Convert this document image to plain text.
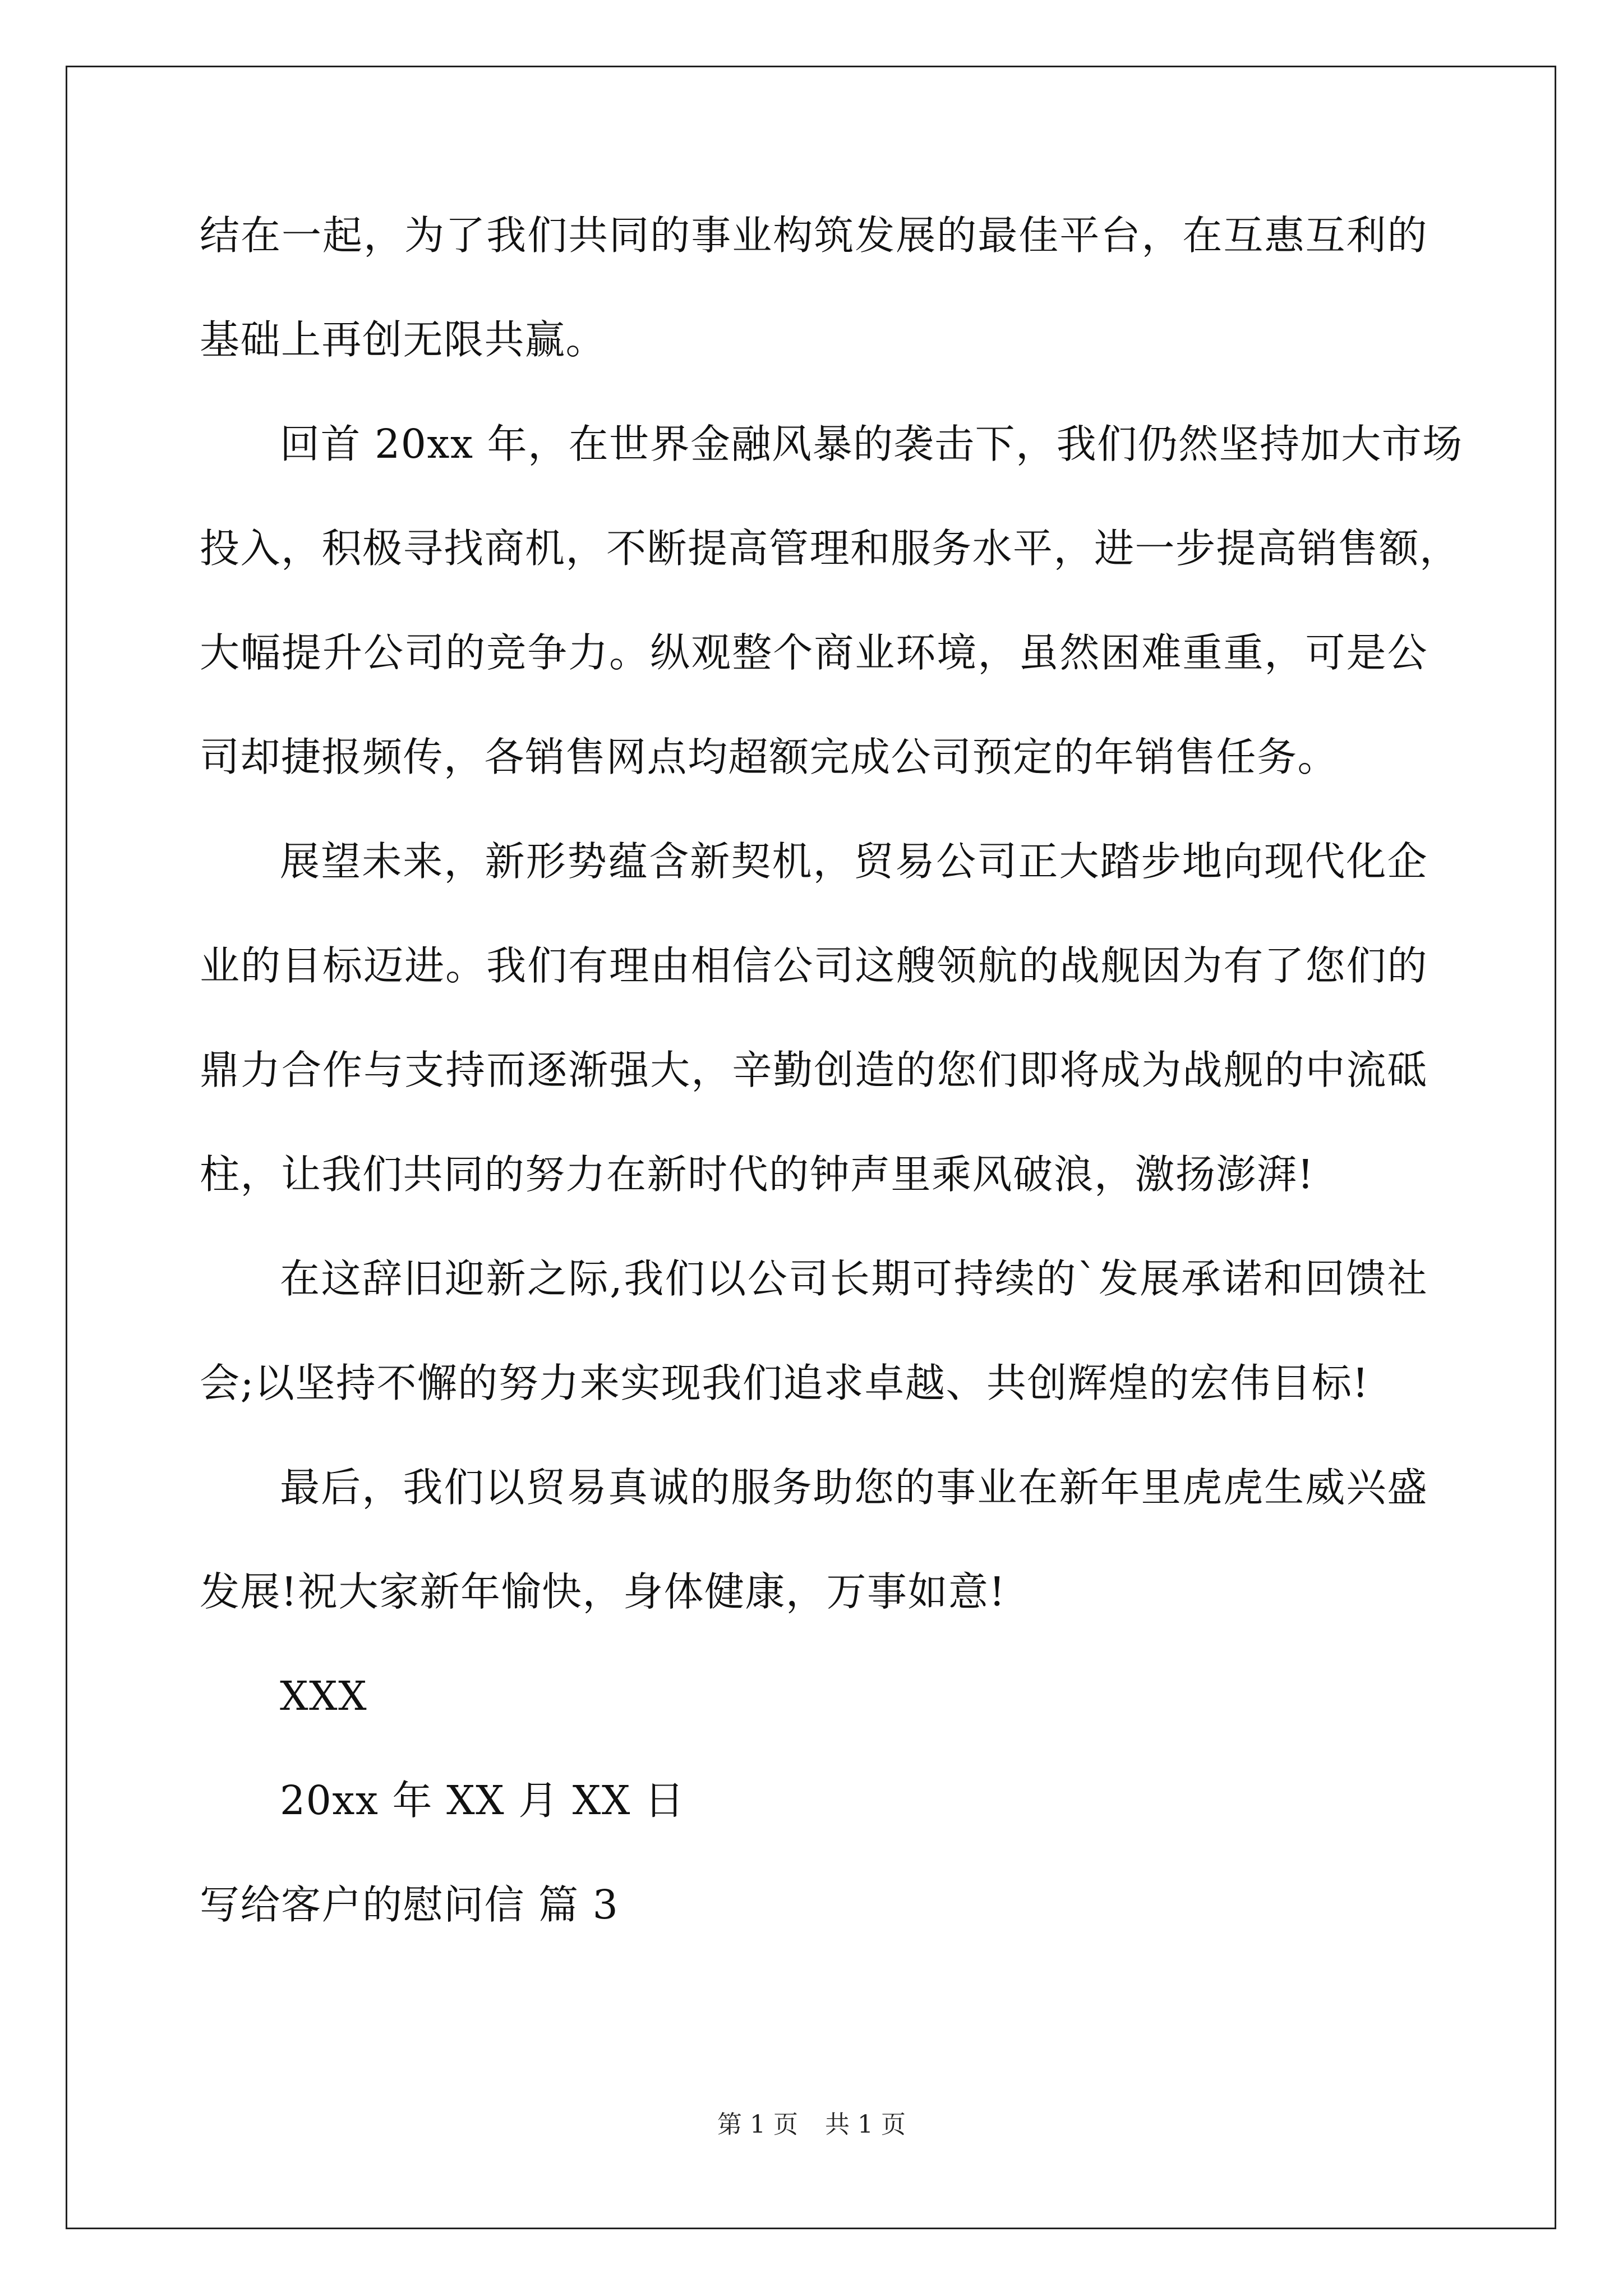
结在一起，为了我们共同的事业构筑发展的最佳平台，在互惠互利的
基础上再创无限共赢。
回首 20xx 年，在世界金融风暴的袭击下，我们仍然坚持加大市场
投入，积极寻找商机，不断提高管理和服务水平，进一步提高销售额，
大幅提升公司的竞争力。纵观整个商业环境，虽然困难重重，可是公
司却捷报频传，各销售网点均超额完成公司预定的年销售任务。
展望未来，新形势蕴含新契机，贸易公司正大踏步地向现代化企
业的目标迈进。我们有理由相信公司这艘领航的战舰因为有了您们的
鼎力合作与支持而逐渐强大，辛勤创造的您们即将成为战舰的中流砥
柱，让我们共同的努力在新时代的钟声里乘风破浪，激扬澎湃!
在这辞旧迎新之际,我们以公司长期可持续的`发展承诺和回馈社
会;以坚持不懈的努力来实现我们追求卓越、共创辉煌的宏伟目标!
最后，我们以贸易真诚的服务助您的事业在新年里虎虎生威兴盛
发展!祝大家新年愉快，身体健康，万事如意!
XXX
20xx 年 XX 月 XX 日
写给客户的慰问信 篇 3
第 1 页 共 1 页
